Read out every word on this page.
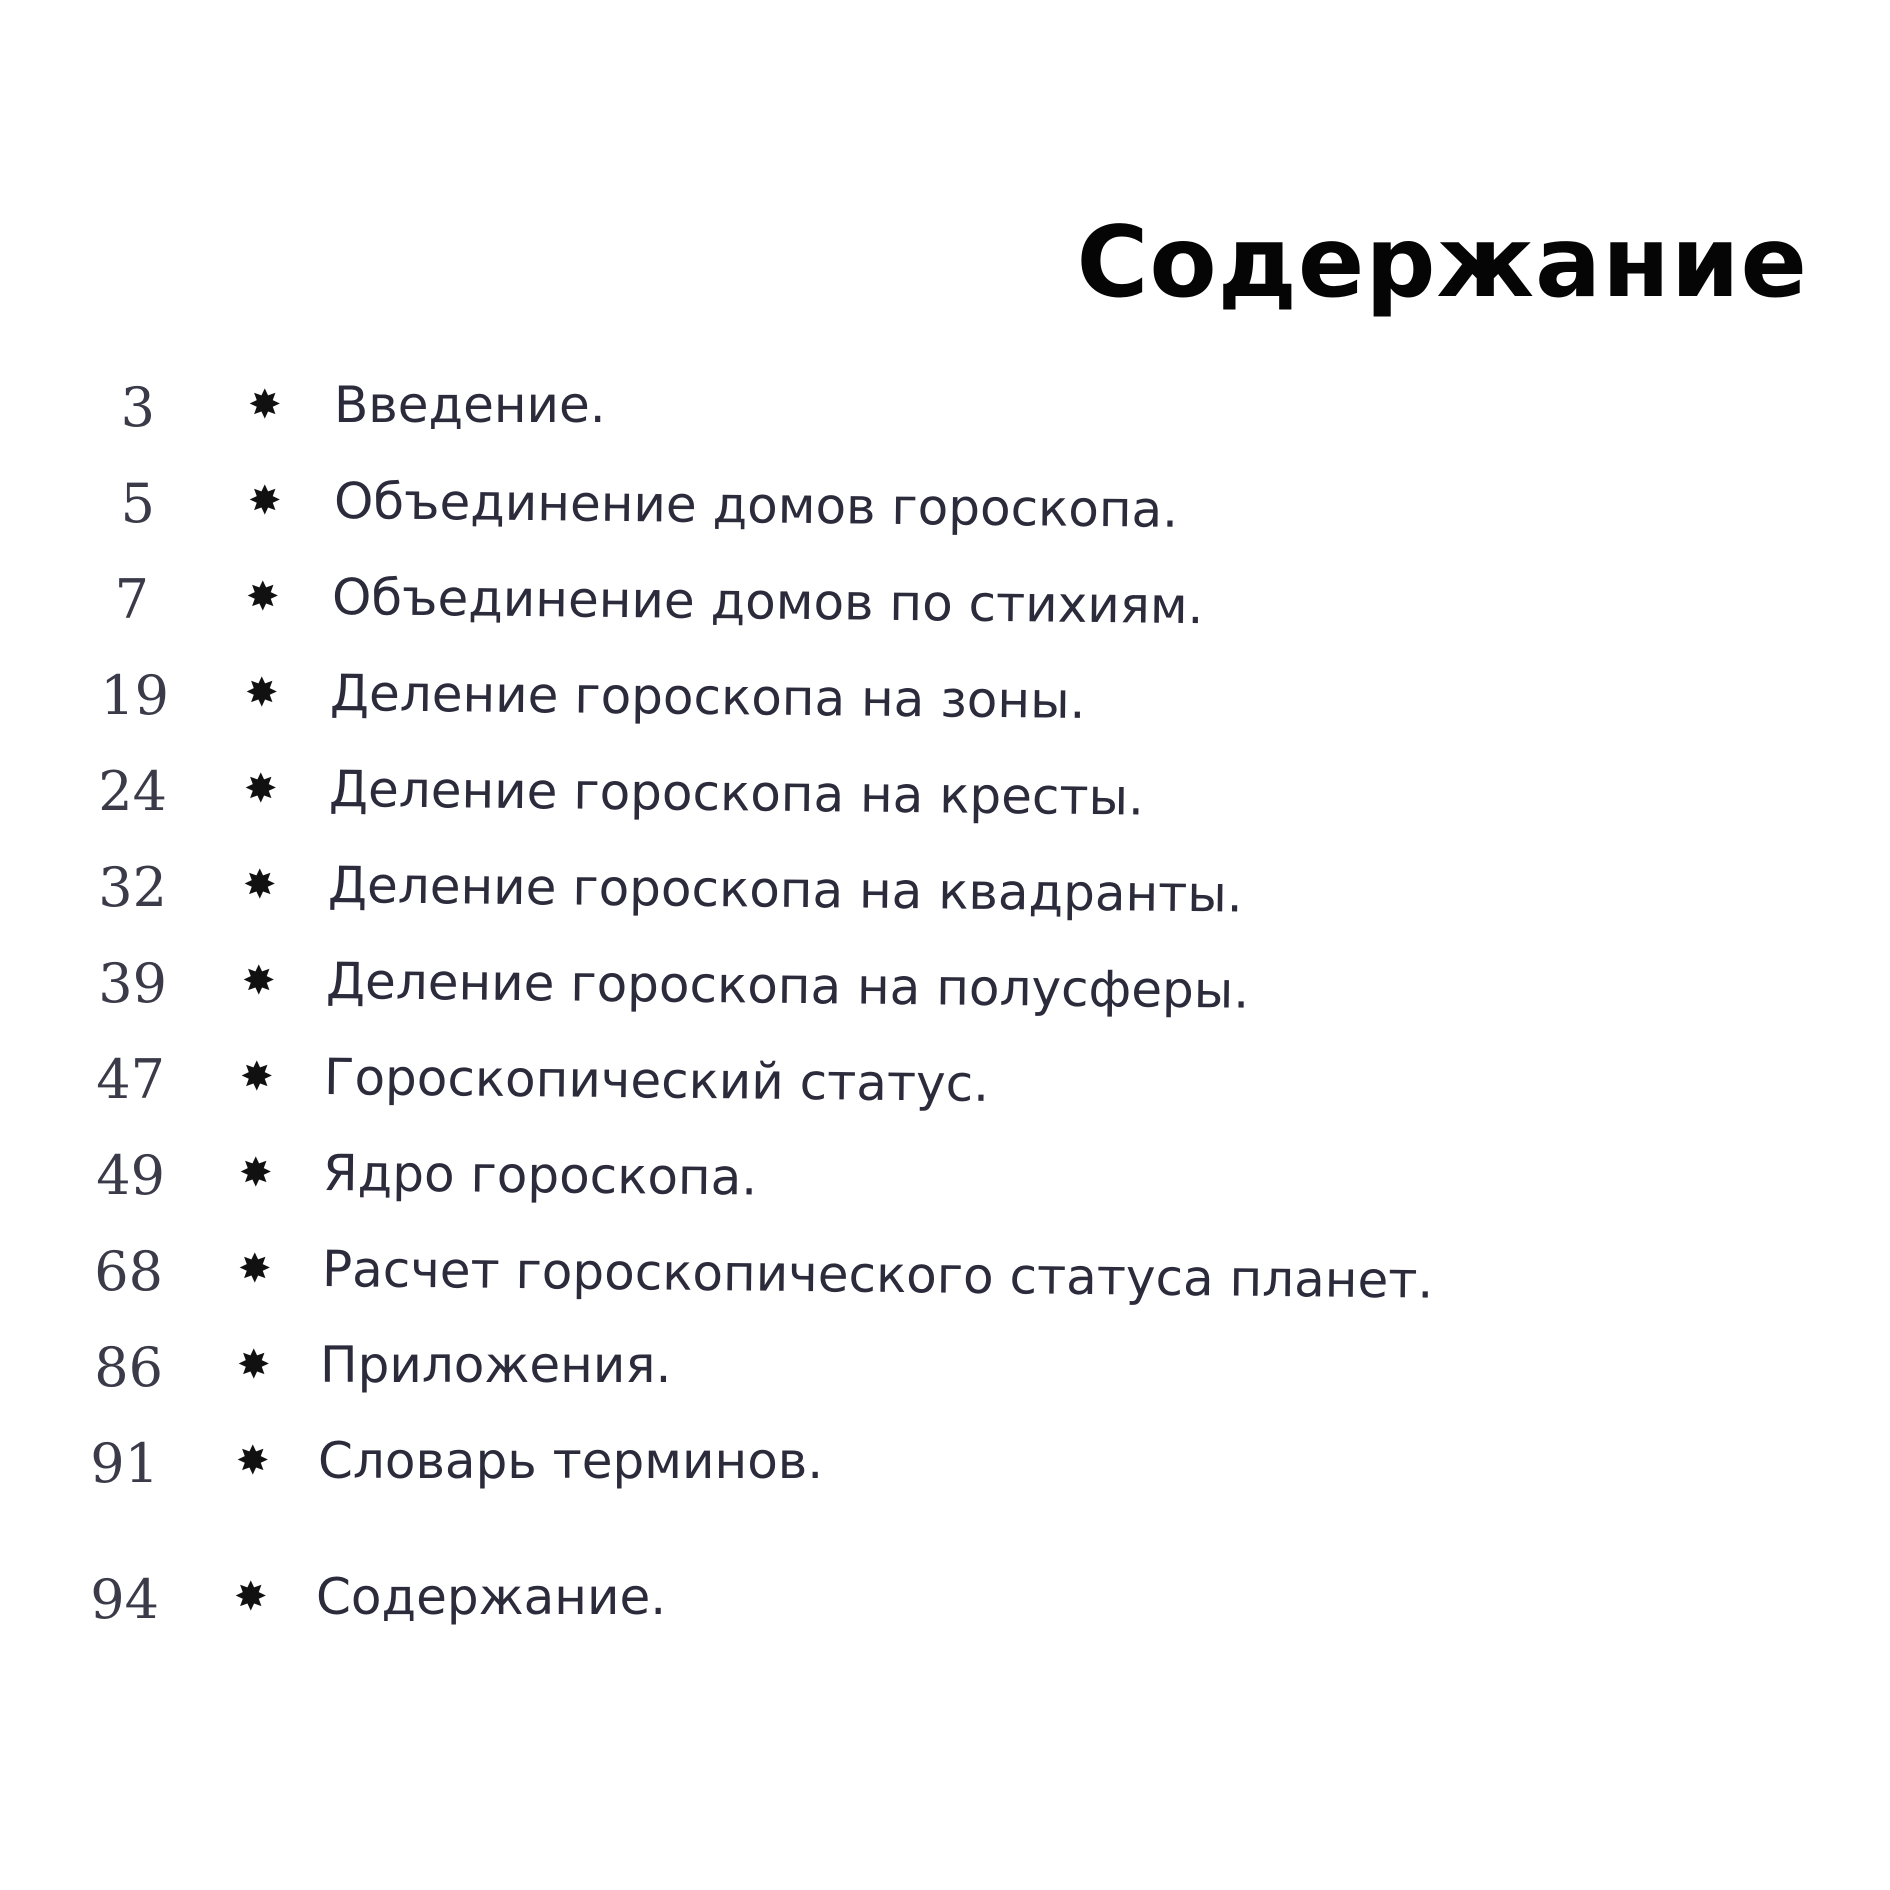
Содержание
3 ✸ Введение.
5 ✸ Объединение домов гороскопа.
7 ✸ Объединение домов по стихиям.
19 ✸ Деление гороскопа на зоны.
24 ✸ Деление гороскопа на кресты.
32 ✸ Деление гороскопа на квадранты.
39 ✸ Деление гороскопа на полусферы.
47 ✸ Гороскопический статус.
49 ✸ Ядро гороскопа.
68 ✸ Расчет гороскопического статуса планет.
86 ✸ Приложения.
91 ✸ Словарь терминов.
94 ✸ Содержание.
